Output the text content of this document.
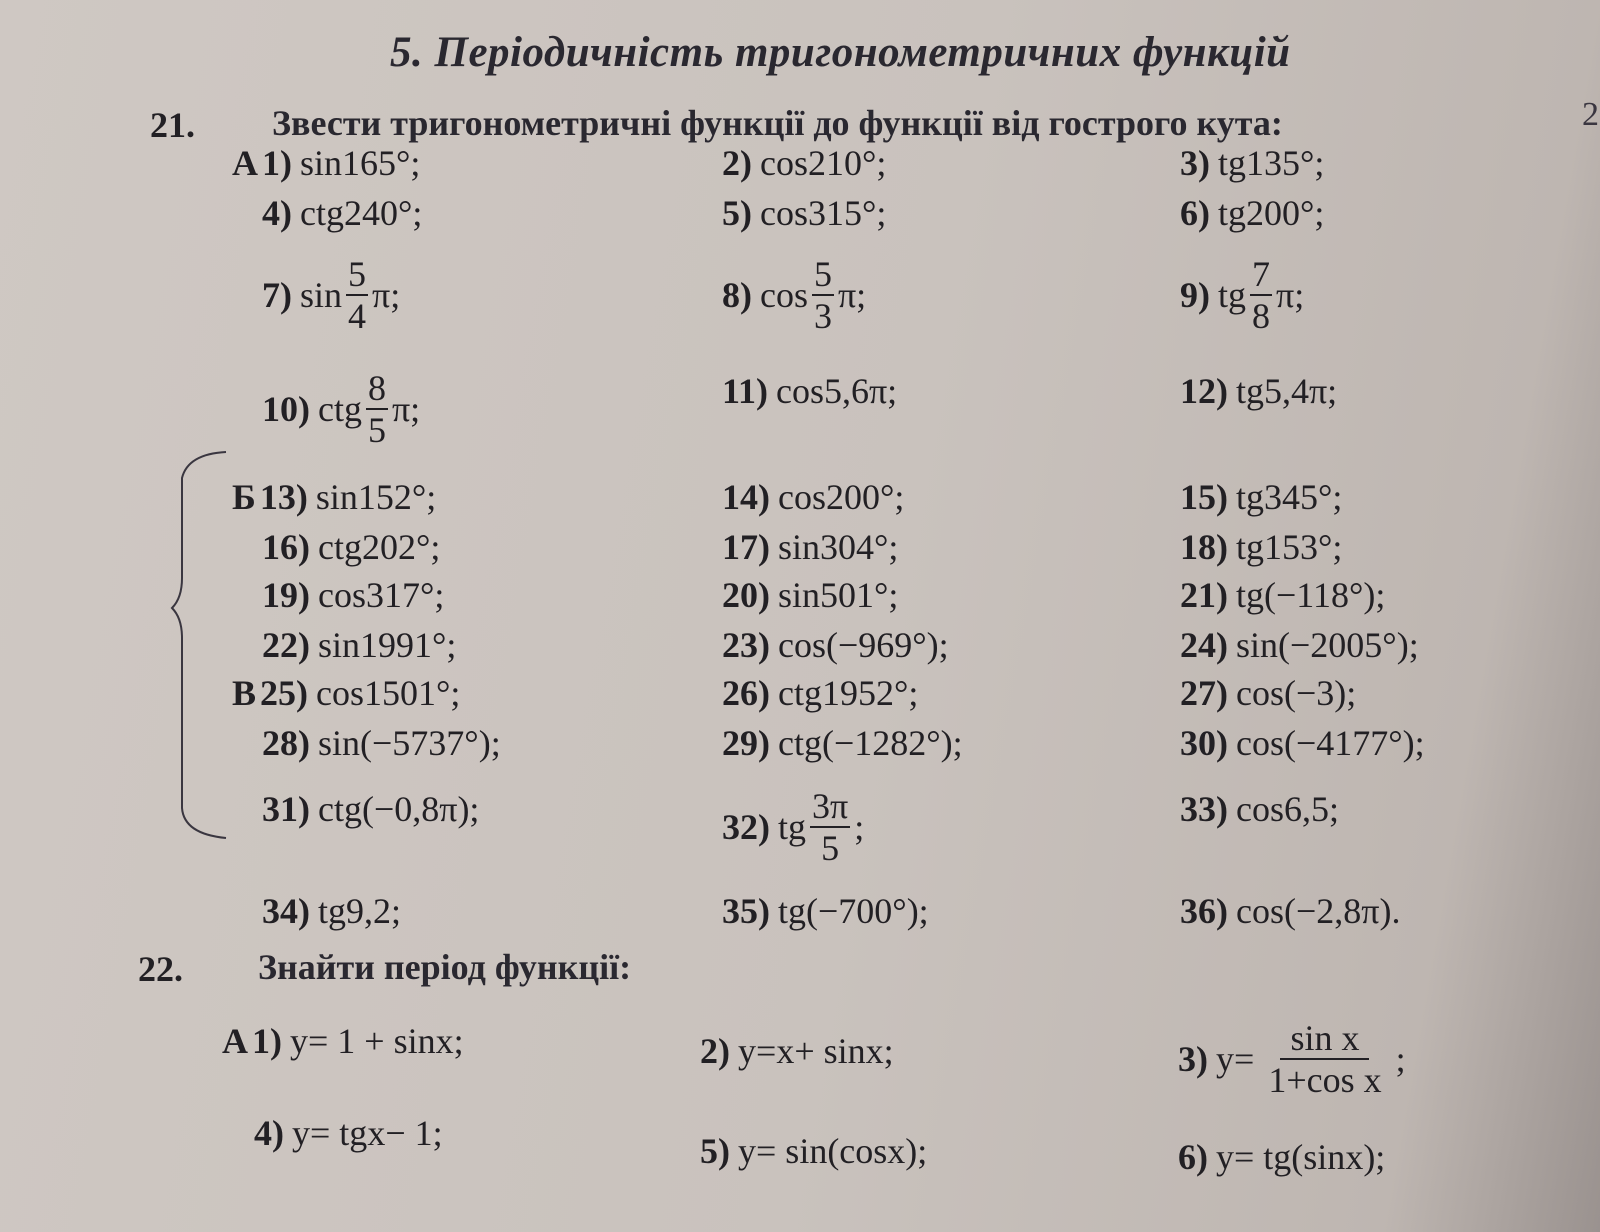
5. Періодичність тригонометричних функцій
2
21. Звести тригонометричні функції до функції від гострого кута:
А 1) sin165°;	2) cos210°;	3) tg135°;
4) ctg240°;	5) cos315°;	6) tg200°;
7) $\sin \frac{5}{4} \pi$;	8) $\cos \frac{5}{3} \pi$;	9) tg $\frac{7}{8} \pi$;
10) ctg $\frac{8}{5} \pi$;	11) cos5,6π;	12) tg5,4π;
Б 13) sin152°;	14) cos200°;	15) tg345°;
16) ctg202°;	17) sin304°;	18) tg153°;
19) cos317°;	20) sin501°;	21) tg(−118°);
22) sin1991°;	23) cos(−969°);	24) sin(−2005°);
В 25) cos1501°;	26) ctg1952°;	27) cos(−3);
28) sin(−5737°);	29) ctg(−1282°);	30) cos(−4177°);
31) ctg(−0,8π);	32) tg $\frac{3\pi}{5}$ ;	33) cos6,5;
34) tg9,2;	35) tg(−700°);	36) cos(−2,8π).
22. Знайти період функції:
А 1) y = 1 + sin x ;	2) y = x + sin x ;	3) $y = \frac{\text{sin x}}{\text{1+cos x}}$ ;
4) y = tg x − 1;	5) y = sin(cos x );	6) y = tg(sin x );
